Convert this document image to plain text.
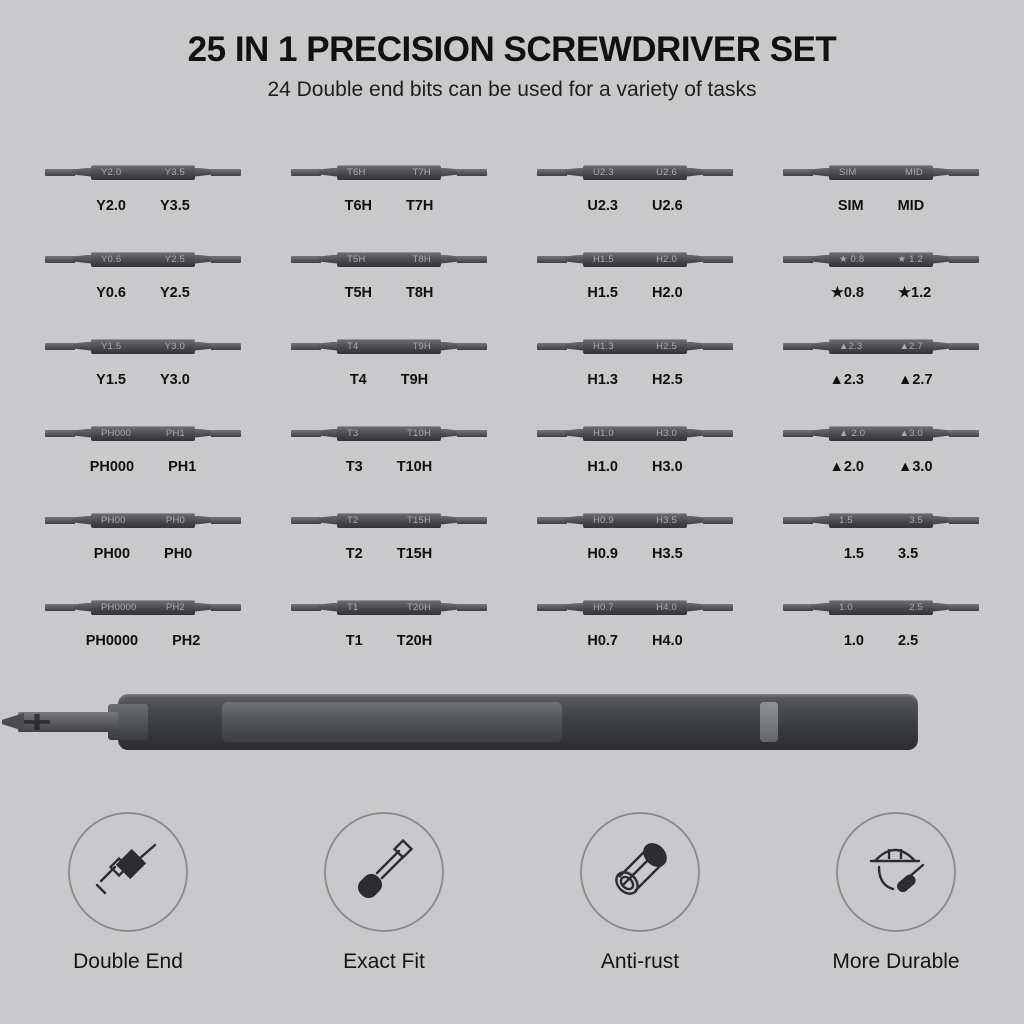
25 IN 1 PRECISION SCREWDRIVER SET

24 Double end bits can be used for a variety of tasks

Y2.0	Y3.5
Y2.0 Y3.5
T6H	T7H
T6H T7H
U2.3	U2.6
U2.3 U2.6
SIM	MID
SIM MID
Y0.6	Y2.5
Y0.6 Y2.5
T5H	T8H
T5H T8H
H1.5	H2.0
H1.5 H2.0
★ 0.8	★ 1.2
★0.8 ★1.2
Y1.5	Y3.0
Y1.5 Y3.0
T4	T9H
T4 T9H
H1.3	H2.5
H1.3 H2.5
▲2.3	▲2.7
▲2.3 ▲2.7
PH000	PH1
PH000 PH1
T3	T10H
T3 T10H
H1.0	H3.0
H1.0 H3.0
▲ 2.0	▲3.0
▲2.0 ▲3.0
PH00	PH0
PH00 PH0
T2	T15H
T2 T15H
H0.9	H3.5
H0.9 H3.5
1.5	3.5
1.5 3.5
PH0000	PH2
PH0000 PH2
T1	T20H
T1 T20H
H0.7	H4.0
H0.7 H4.0
1.0	2.5
1.0 2.5
Double End	Exact Fit	Anti-rust	More Durable
